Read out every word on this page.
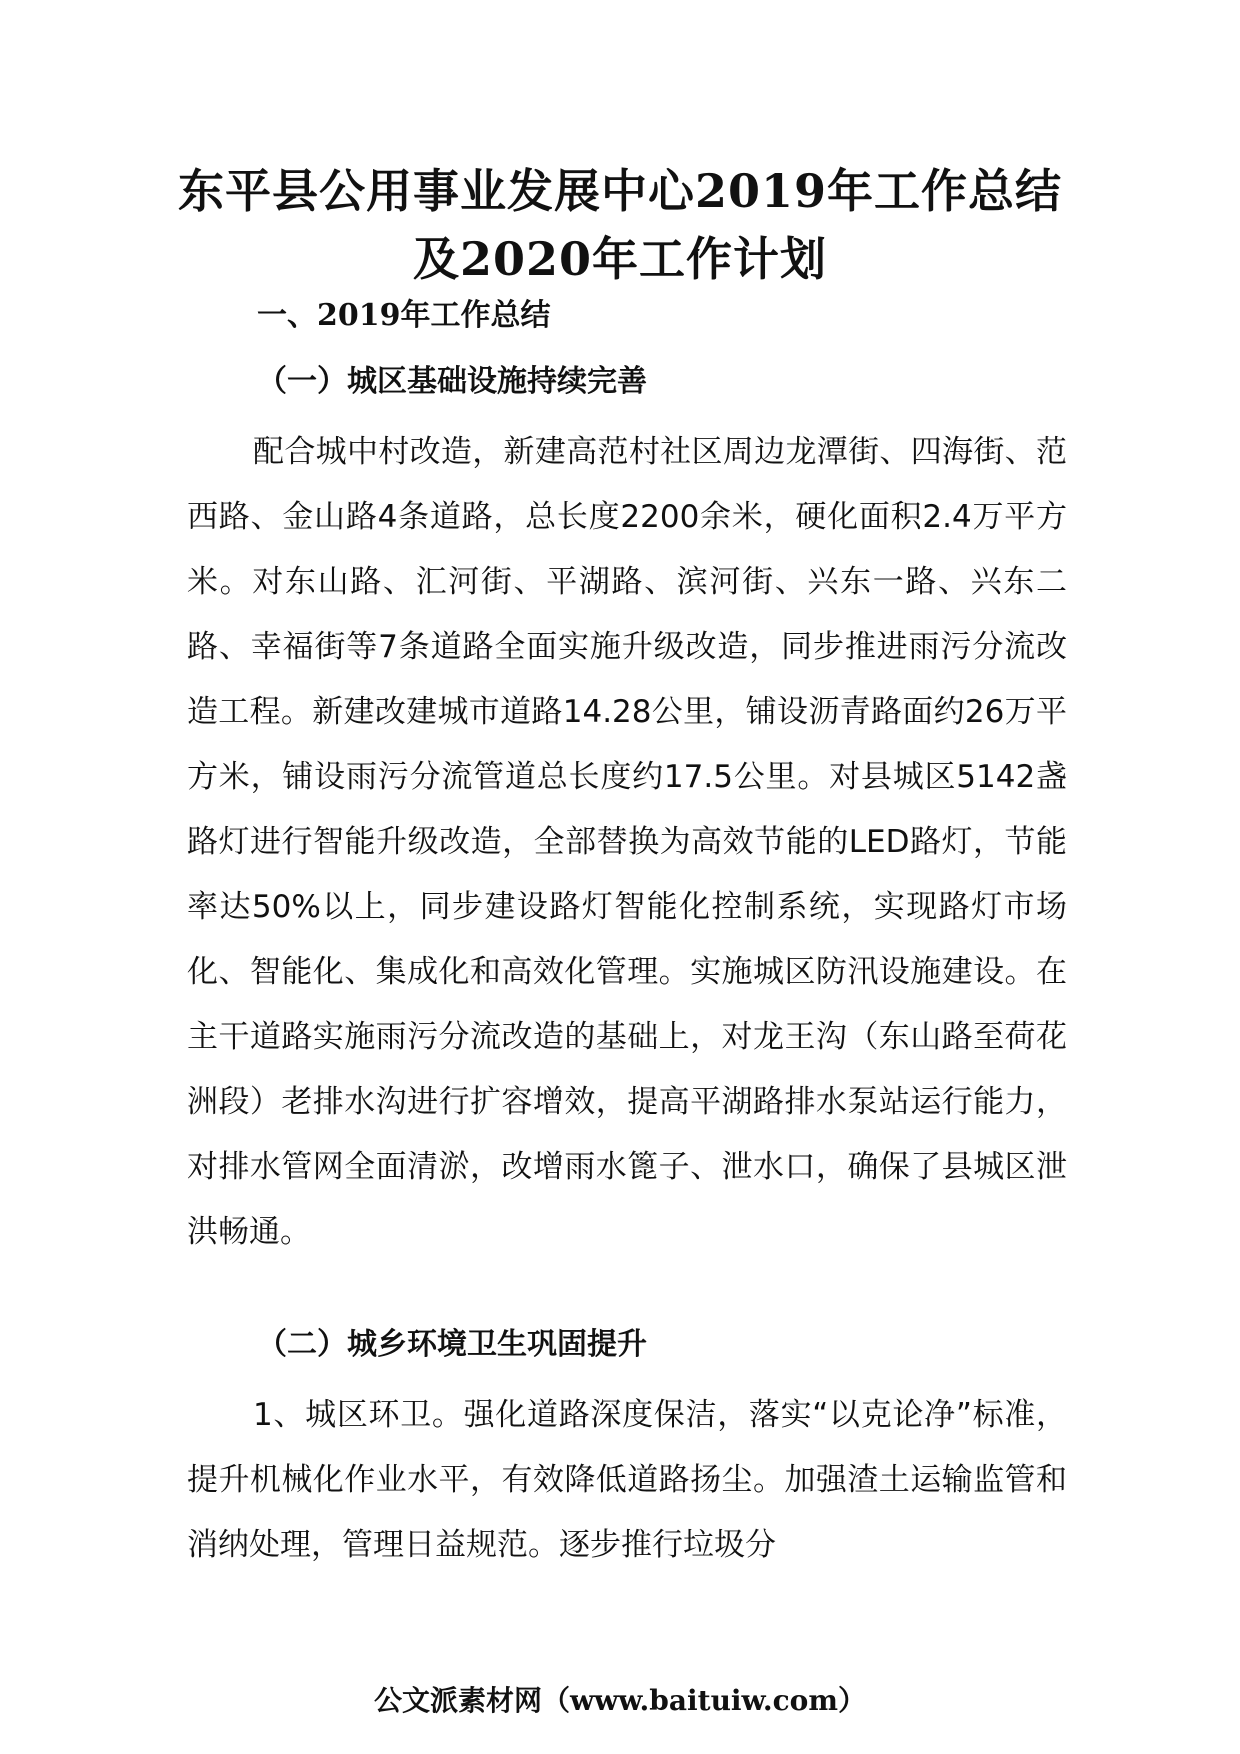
东平县公用事业发展中心2019年工作总结
及2020年工作计划
一、2019年工作总结
（一）城区基础设施持续完善

配合城中村改造，新建高范村社区周边龙潭街、四海街、范西路、金山路4条道路，总长度2200余米，硬化面积2.4万平方米。对东山路、汇河街、平湖路、滨河街、兴东一路、兴东二路、幸福街等7条道路全面实施升级改造，同步推进雨污分流改造工程。新建改建城市道路14.28公里，铺设沥青路面约26万平方米，铺设雨污分流管道总长度约17.5公里。对县城区5142盏路灯进行智能升级改造，全部替换为高效节能的LED路灯，节能率达50%以上，同步建设路灯智能化控制系统，实现路灯市场化、智能化、集成化和高效化管理。实施城区防汛设施建设。在主干道路实施雨污分流改造的基础上，对龙王沟（东山路至荷花洲段）老排水沟进行扩容增效，提高平湖路排水泵站运行能力，对排水管网全面清淤，改增雨水篦子、泄水口，确保了县城区泄洪畅通。

（二）城乡环境卫生巩固提升

1、城区环卫。强化道路深度保洁，落实“以克论净”标准，提升机械化作业水平，有效降低道路扬尘。加强渣土运输监管和消纳处理，管理日益规范。逐步推行垃圾分

公文派素材网（www.baituiw.com）
